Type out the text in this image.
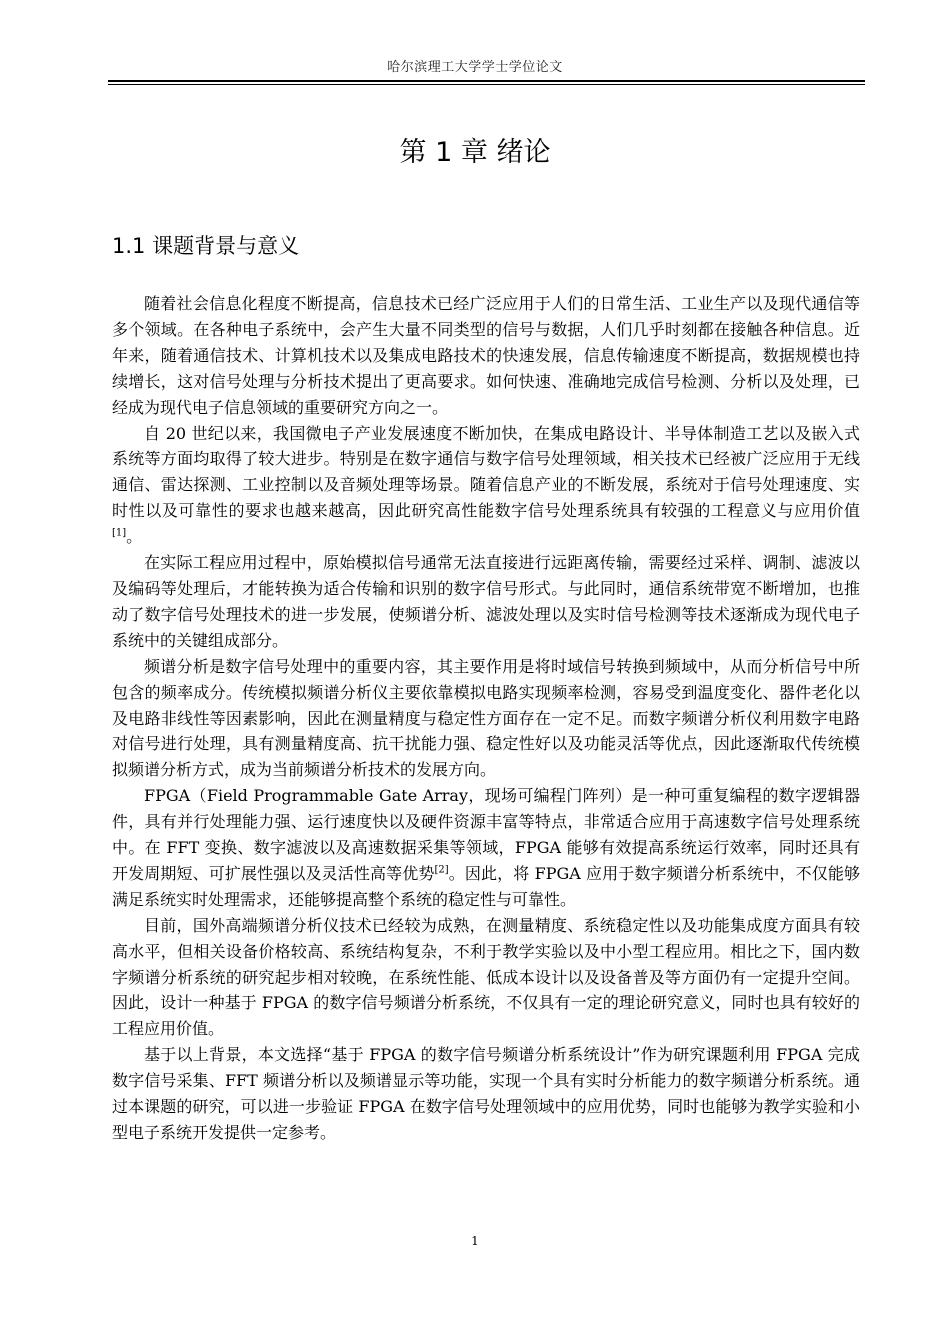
哈尔滨理工大学学士学位论文
第 1 章 绪论
1.1 课题背景与意义

随着社会信息化程度不断提高，信息技术已经广泛应用于人们的日常生活、工业生产以及现代通信等多个领域。在各种电子系统中，会产生大量不同类型的信号与数据，人们几乎时刻都在接触各种信息。近年来，随着通信技术、计算机技术以及集成电路技术的快速发展，信息传输速度不断提高，数据规模也持续增长，这对信号处理与分析技术提出了更高要求。如何快速、准确地完成信号检测、分析以及处理，已经成为现代电子信息领域的重要研究方向之一。

自 20 世纪以来，我国微电子产业发展速度不断加快，在集成电路设计、半导体制造工艺以及嵌入式系统等方面均取得了较大进步。特别是在数字通信与数字信号处理领域，相关技术已经被广泛应用于无线通信、雷达探测、工业控制以及音频处理等场景。随着信息产业的不断发展，系统对于信号处理速度、实时性以及可靠性的要求也越来越高，因此研究高性能数字信号处理系统具有较强的工程意义与应用价值[1]。

在实际工程应用过程中，原始模拟信号通常无法直接进行远距离传输，需要经过采样、调制、滤波以及编码等处理后，才能转换为适合传输和识别的数字信号形式。与此同时，通信系统带宽不断增加，也推动了数字信号处理技术的进一步发展，使频谱分析、滤波处理以及实时信号检测等技术逐渐成为现代电子系统中的关键组成部分。

频谱分析是数字信号处理中的重要内容，其主要作用是将时域信号转换到频域中，从而分析信号中所包含的频率成分。传统模拟频谱分析仪主要依靠模拟电路实现频率检测，容易受到温度变化、器件老化以及电路非线性等因素影响，因此在测量精度与稳定性方面存在一定不足。而数字频谱分析仪利用数字电路对信号进行处理，具有测量精度高、抗干扰能力强、稳定性好以及功能灵活等优点，因此逐渐取代传统模拟频谱分析方式，成为当前频谱分析技术的发展方向。

FPGA（Field Programmable Gate Array，现场可编程门阵列）是一种可重复编程的数字逻辑器件，具有并行处理能力强、运行速度快以及硬件资源丰富等特点，非常适合应用于高速数字信号处理系统中。在 FFT 变换、数字滤波以及高速数据采集等领域，FPGA 能够有效提高系统运行效率，同时还具有开发周期短、可扩展性强以及灵活性高等优势[2]。因此，将 FPGA 应用于数字频谱分析系统中，不仅能够满足系统实时处理需求，还能够提高整个系统的稳定性与可靠性。

目前，国外高端频谱分析仪技术已经较为成熟，在测量精度、系统稳定性以及功能集成度方面具有较高水平，但相关设备价格较高、系统结构复杂，不利于教学实验以及中小型工程应用。相比之下，国内数字频谱分析系统的研究起步相对较晚，在系统性能、低成本设计以及设备普及等方面仍有一定提升空间。因此，设计一种基于 FPGA 的数字信号频谱分析系统，不仅具有一定的理论研究意义，同时也具有较好的工程应用价值。

基于以上背景，本文选择“基于 FPGA 的数字信号频谱分析系统设计”作为研究课题利用 FPGA 完成数字信号采集、FFT 频谱分析以及频谱显示等功能，实现一个具有实时分析能力的数字频谱分析系统。通过本课题的研究，可以进一步验证 FPGA 在数字信号处理领域中的应用优势，同时也能够为教学实验和小型电子系统开发提供一定参考。

1
